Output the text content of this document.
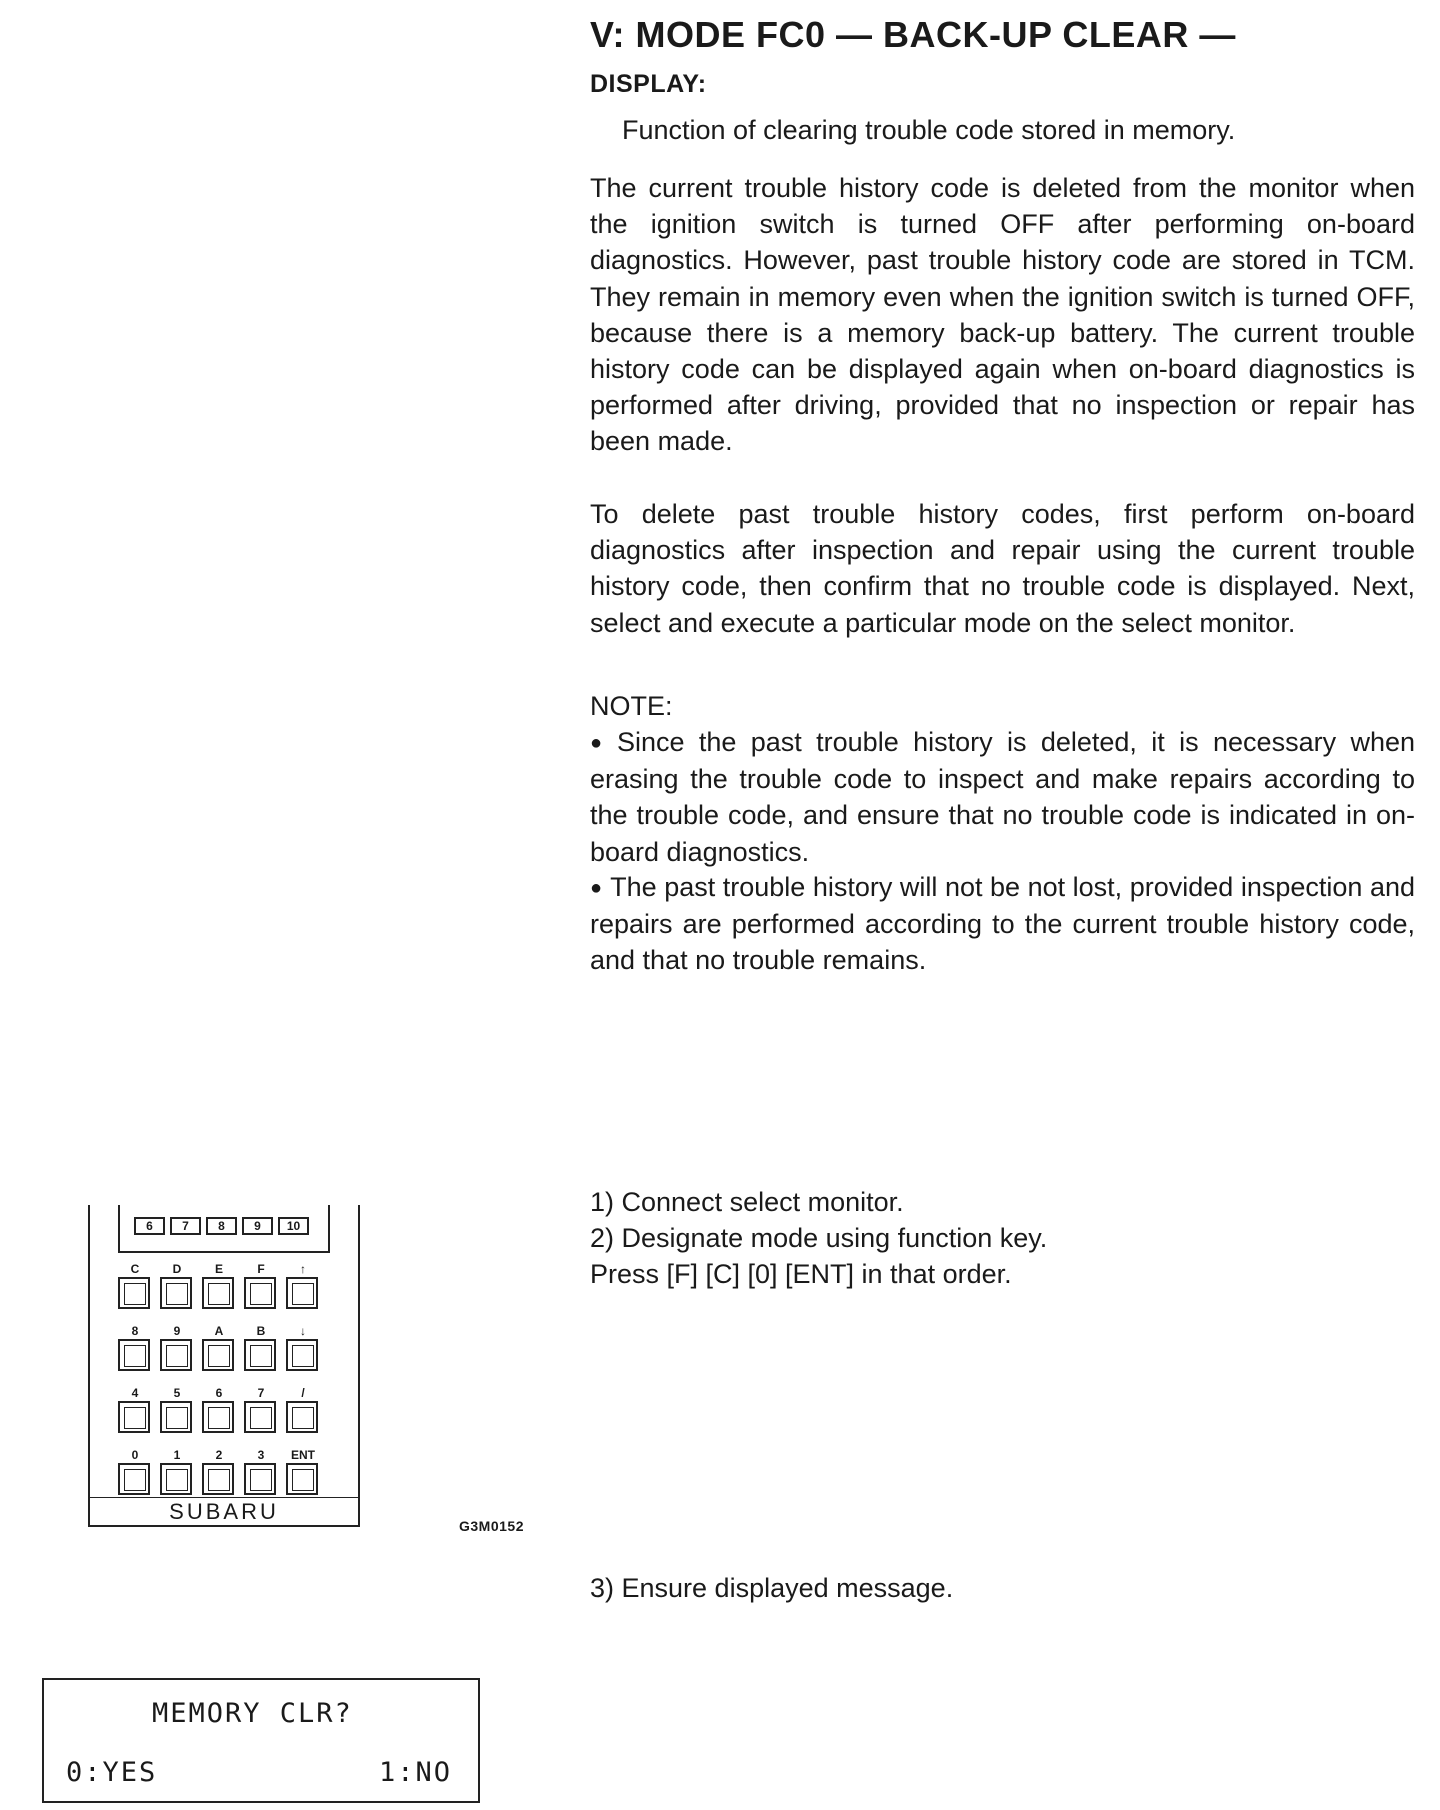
V: MODE FC0 — BACK-UP CLEAR —
DISPLAY:

Function of clearing trouble code stored in memory.

The current trouble history code is deleted from the monitor when the ignition switch is turned OFF after performing on-board diagnostics. However, past trouble history code are stored in TCM. They remain in memory even when the ignition switch is turned OFF, because there is a memory back-up battery. The current trouble history code can be displayed again when on-board diagnostics is performed after driving, provided that no inspection or repair has been made.

To delete past trouble history codes, first perform on-board diagnostics after inspection and repair using the current trouble history code, then confirm that no trouble code is displayed. Next, select and execute a particular mode on the select monitor.

NOTE:

● Since the past trouble history is deleted, it is necessary when erasing the trouble code to inspect and make repairs according to the trouble code, and ensure that no trouble code is indicated in on-board diagnostics.

● The past trouble history will not be not lost, provided inspection and repairs are performed according to the current trouble history code, and that no trouble remains.

1) Connect select monitor.
2) Designate mode using function key.
Press [F] [C] [0] [ENT] in that order.
3) Ensure displayed message.
6	7	8	9	10
C	D	E	F	↑
8	9	A	B	↓
4	5	6	7	/
0	1	2	3	ENT
SUBARU
G3M0152
MEMORY CLR?
0:YES	1:NO
